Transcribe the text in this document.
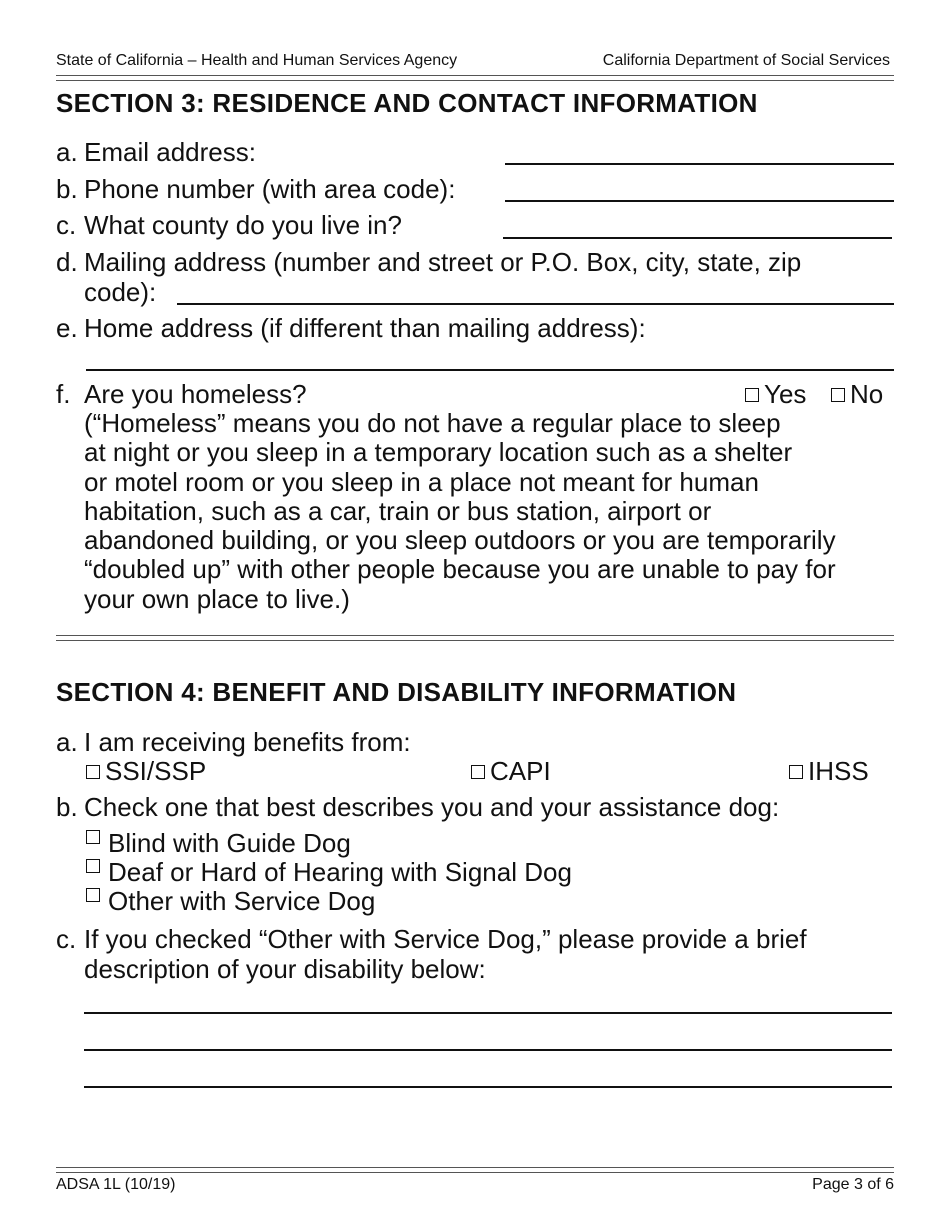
State of California – Health and Human Services Agency	California Department of Social Services
SECTION 3: RESIDENCE AND CONTACT INFORMATION
a. Email address:
b. Phone number (with area code):
c. What county do you live in?
d. Mailing address (number and street or P.O. Box, city, state, zip
code):
e. Home address (if different than mailing address):
f. Are you homeless?	Yes	No
(“Homeless” means you do not have a regular place to sleep
at night or you sleep in a temporary location such as a shelter
or motel room or you sleep in a place not meant for human
habitation, such as a car, train or bus station, airport or
abandoned building, or you sleep outdoors or you are temporarily
“doubled up” with other people because you are unable to pay for
your own place to live.)
SECTION 4: BENEFIT AND DISABILITY INFORMATION
a. I am receiving benefits from:
SSI/SSP	CAPI	IHSS
b. Check one that best describes you and your assistance dog:
Blind with Guide Dog
Deaf or Hard of Hearing with Signal Dog
Other with Service Dog
c. If you checked “Other with Service Dog,” please provide a brief
description of your disability below:
ADSA 1L (10/19)	Page 3 of 6
